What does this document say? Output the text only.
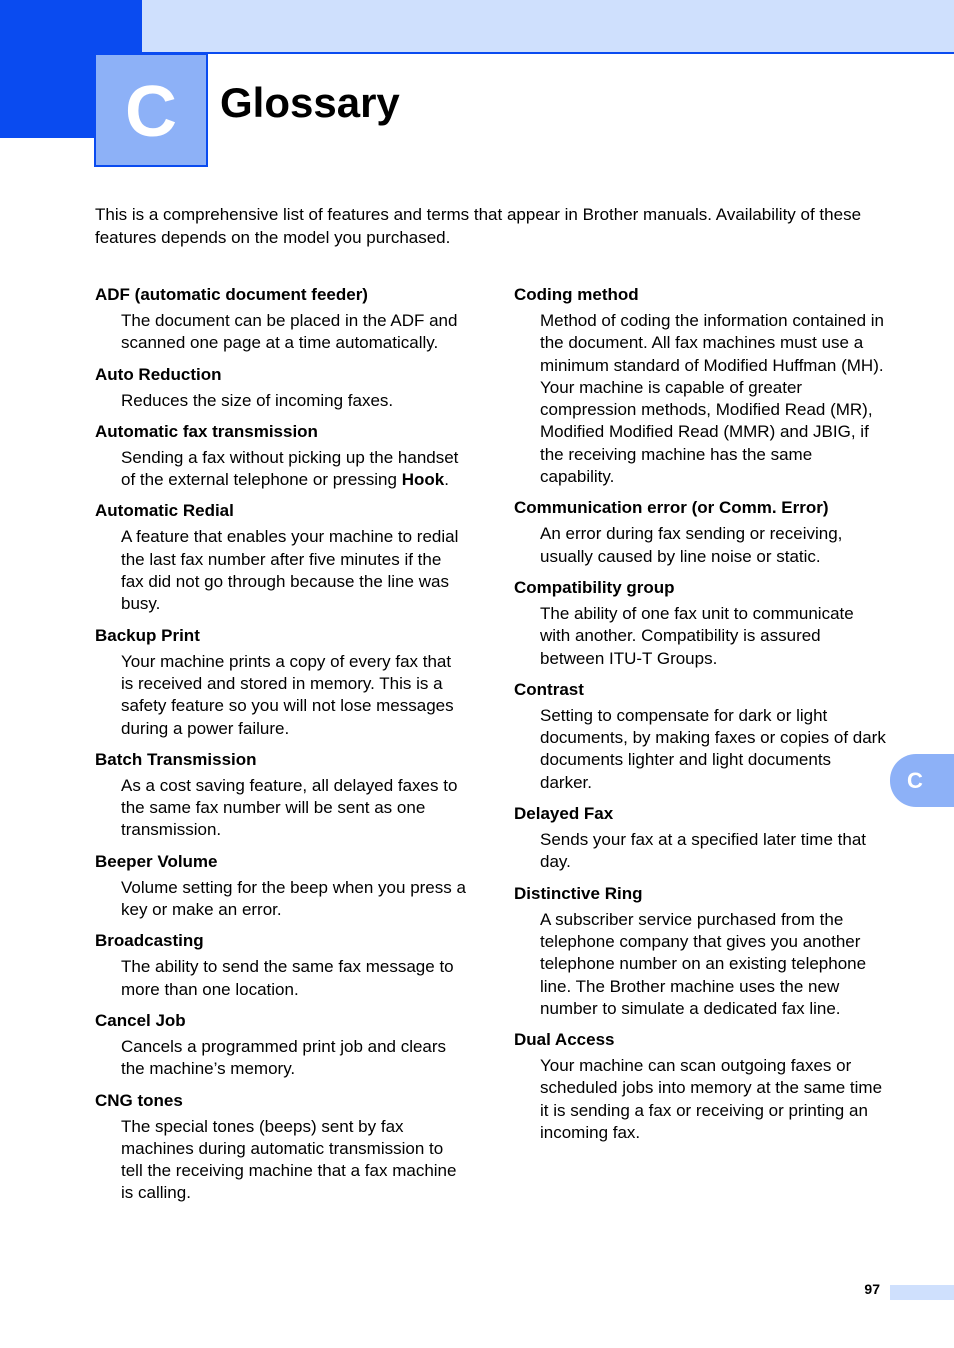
C	Glossary

This is a comprehensive list of features and terms that appear in Brother manuals. Availability of these features depends on the model you purchased.

ADF (automatic document feeder)

The document can be placed in the ADF and scanned one page at a time automatically.

Auto Reduction

Reduces the size of incoming faxes.

Automatic fax transmission

Sending a fax without picking up the handset of the external telephone or pressing Hook.

Automatic Redial

A feature that enables your machine to redial the last fax number after five minutes if the fax did not go through because the line was busy.

Backup Print

Your machine prints a copy of every fax that is received and stored in memory. This is a safety feature so you will not lose messages during a power failure.

Batch Transmission

As a cost saving feature, all delayed faxes to the same fax number will be sent as one transmission.

Beeper Volume

Volume setting for the beep when you press a key or make an error.

Broadcasting

The ability to send the same fax message to more than one location.

Cancel Job

Cancels a programmed print job and clears the machine’s memory.

CNG tones

The special tones (beeps) sent by fax machines during automatic transmission to tell the receiving machine that a fax machine is calling.

Coding method

Method of coding the information contained in the document. All fax machines must use a minimum standard of Modified Huffman (MH). Your machine is capable of greater compression methods, Modified Read (MR), Modified Modified Read (MMR) and JBIG, if the receiving machine has the same capability.

Communication error (or Comm. Error)

An error during fax sending or receiving, usually caused by line noise or static.

Compatibility group

The ability of one fax unit to communicate with another. Compatibility is assured between ITU-T Groups.

Contrast

Setting to compensate for dark or light documents, by making faxes or copies of dark documents lighter and light documents darker.

Delayed Fax

Sends your fax at a specified later time that day.

Distinctive Ring

A subscriber service purchased from the telephone company that gives you another telephone number on an existing telephone line. The Brother machine uses the new number to simulate a dedicated fax line.

Dual Access

Your machine can scan outgoing faxes or scheduled jobs into memory at the same time it is sending a fax or receiving or printing an incoming fax.

C
97
